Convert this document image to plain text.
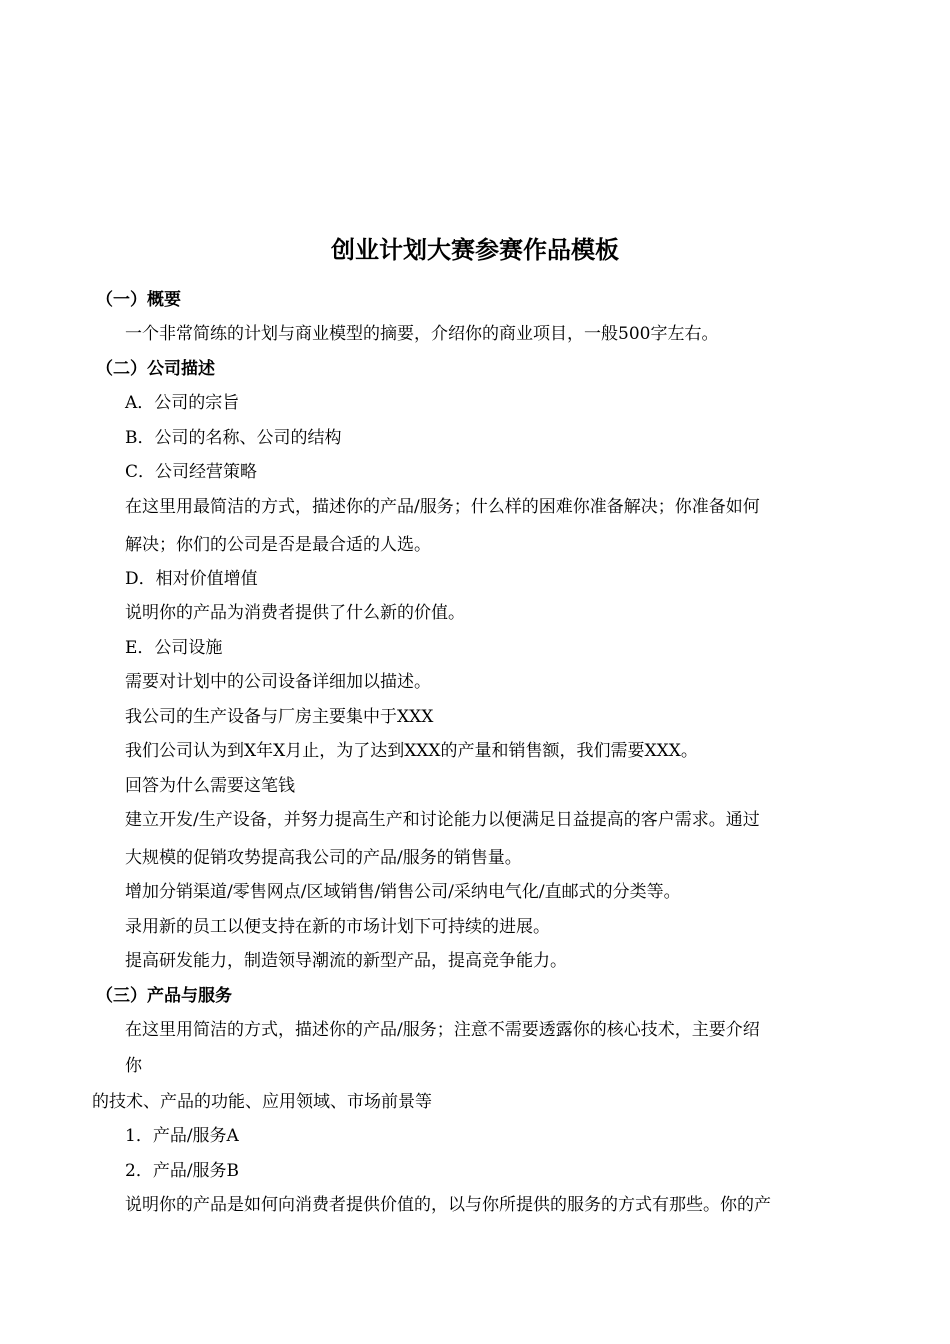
创业计划大赛参赛作品模板
（一）概要
一个非常简练的计划与商业模型的摘要，介绍你的商业项目，一般500字左右。
（二）公司描述
A．公司的宗旨
B．公司的名称、公司的结构
C．公司经营策略
在这里用最简洁的方式，描述你的产品/服务；什么样的困难你准备解决；你准备如何
解决；你们的公司是否是最合适的人选。
D．相对价值增值
说明你的产品为消费者提供了什么新的价值。
E．公司设施
需要对计划中的公司设备详细加以描述。
我公司的生产设备与厂房主要集中于XXX
我们公司认为到X年X月止，为了达到XXX的产量和销售额，我们需要XXX。
回答为什么需要这笔钱
建立开发/生产设备，并努力提高生产和讨论能力以便满足日益提高的客户需求。通过
大规模的促销攻势提高我公司的产品/服务的销售量。
增加分销渠道/零售网点/区域销售/销售公司/采纳电气化/直邮式的分类等。
录用新的员工以便支持在新的市场计划下可持续的进展。
提高研发能力，制造领导潮流的新型产品，提高竞争能力。
（三）产品与服务
在这里用简洁的方式，描述你的产品/服务；注意不需要透露你的核心技术，主要介绍
你
的技术、产品的功能、应用领域、市场前景等
1．产品/服务A
2．产品/服务B
说明你的产品是如何向消费者提供价值的，以与你所提供的服务的方式有那些。你的产
